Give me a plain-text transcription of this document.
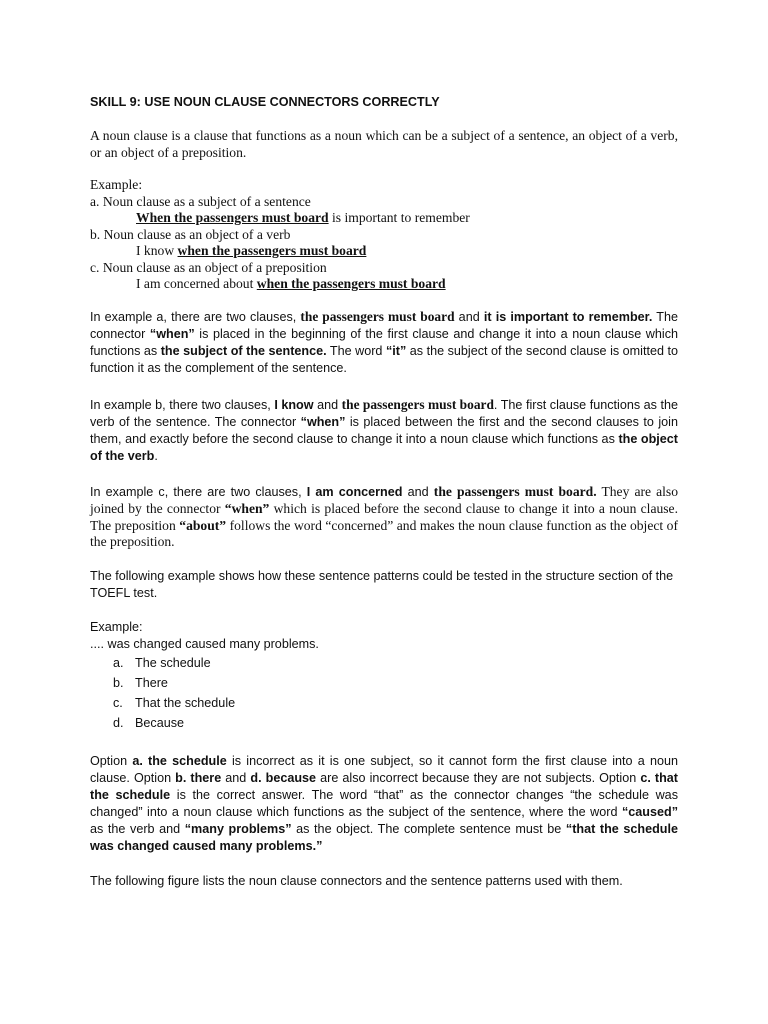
SKILL 9: USE NOUN CLAUSE CONNECTORS CORRECTLY

A noun clause is a clause that functions as a noun which can be a subject of a sentence, an object of a verb, or an object of a preposition.

Example:
a. Noun clause as a subject of a sentence
When the passengers must board is important to remember
b. Noun clause as an object of a verb
I know when the passengers must board
c. Noun clause as an object of a preposition
I am concerned about when the passengers must board

In example a, there are two clauses, the passengers must board and it is important to remember. The connector “when” is placed in the beginning of the first clause and change it into a noun clause which functions as the subject of the sentence. The word “it” as the subject of the second clause is omitted to function it as the complement of the sentence.

In example b, there two clauses, I know and the passengers must board. The first clause functions as the verb of the sentence. The connector “when” is placed between the first and the second clauses to join them, and exactly before the second clause to change it into a noun clause which functions as the object of the verb.

In example c, there are two clauses, I am concerned and the passengers must board. They are also joined by the connector “when” which is placed before the second clause to change it into a noun clause. The preposition “about” follows the word “concerned” and makes the noun clause function as the object of the preposition.

The following example shows how these sentence patterns could be tested in the structure section of the TOEFL test.

Example:
.... was changed caused many problems.
a. The schedule
b. There
c. That the schedule
d. Because

Option a. the schedule is incorrect as it is one subject, so it cannot form the first clause into a noun clause. Option b. there and d. because are also incorrect because they are not subjects. Option c. that the schedule is the correct answer. The word “that” as the connector changes “the schedule was changed” into a noun clause which functions as the subject of the sentence, where the word “caused” as the verb and “many problems” as the object. The complete sentence must be “that the schedule was changed caused many problems.”

The following figure lists the noun clause connectors and the sentence patterns used with them.
